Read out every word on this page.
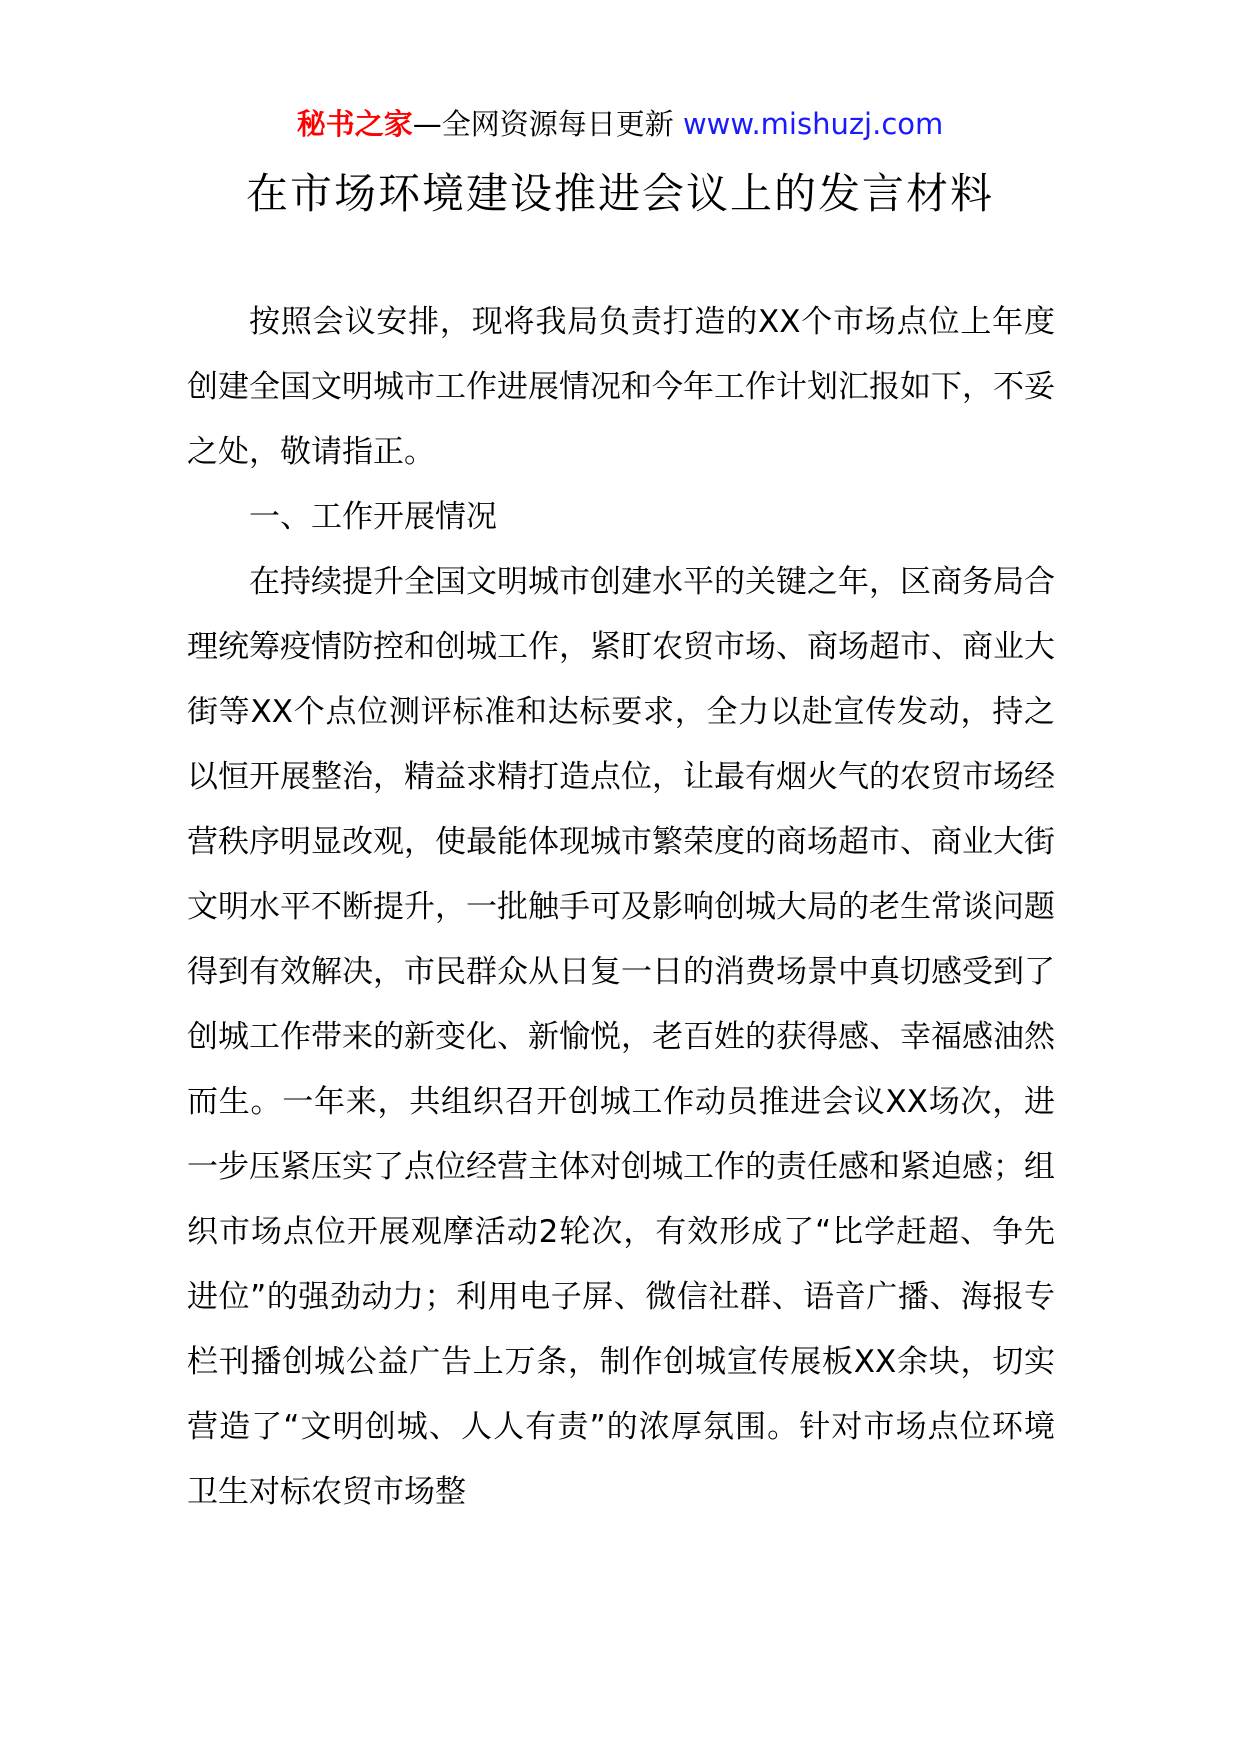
秘书之家—全网资源每日更新 www.mishuzj.com
在市场环境建设推进会议上的发言材料

按照会议安排，现将我局负责打造的XX个市场点位上年度创建全国文明城市工作进展情况和今年工作计划汇报如下，不妥之处，敬请指正。

一、工作开展情况

在持续提升全国文明城市创建水平的关键之年，区商务局合理统筹疫情防控和创城工作，紧盯农贸市场、商场超市、商业大街等XX个点位测评标准和达标要求，全力以赴宣传发动，持之以恒开展整治，精益求精打造点位，让最有烟火气的农贸市场经营秩序明显改观，使最能体现城市繁荣度的商场超市、商业大街文明水平不断提升，一批触手可及影响创城大局的老生常谈问题得到有效解决，市民群众从日复一日的消费场景中真切感受到了创城工作带来的新变化、新愉悦，老百姓的获得感、幸福感油然而生。一年来，共组织召开创城工作动员推进会议XX场次，进一步压紧压实了点位经营主体对创城工作的责任感和紧迫感；组织市场点位开展观摩活动2轮次，有效形成了“比学赶超、争先进位”的强劲动力；利用电子屏、微信社群、语音广播、海报专栏刊播创城公益广告上万条，制作创城宣传展板XX余块，切实营造了“文明创城、人人有责”的浓厚氛围。针对市场点位环境卫生对标农贸市场整
